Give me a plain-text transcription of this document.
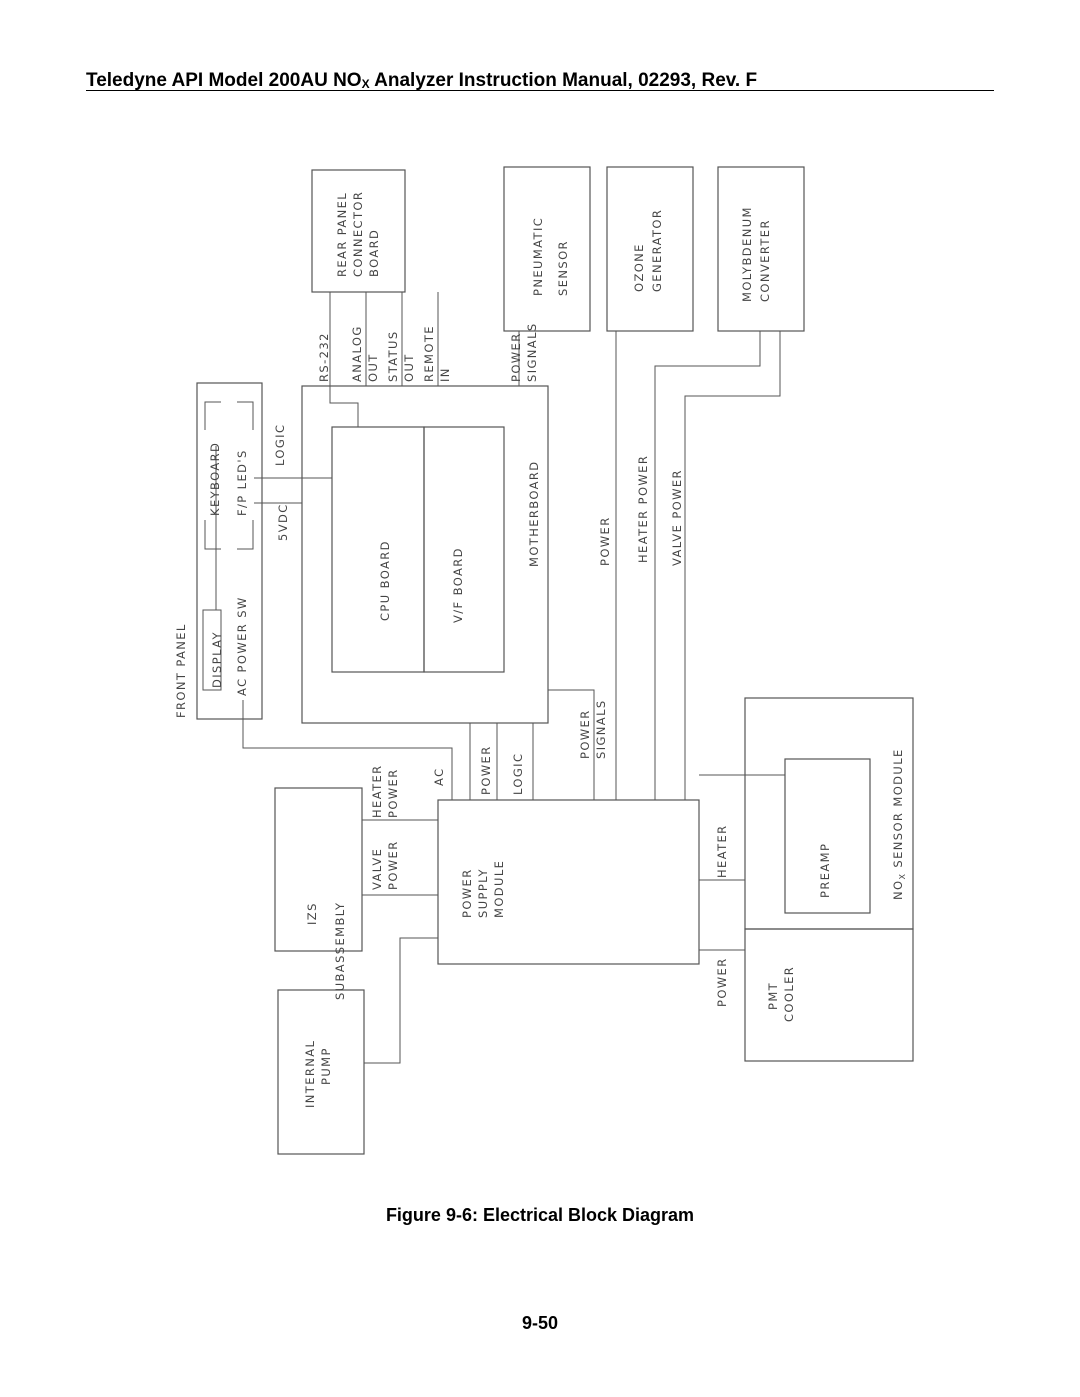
Teledyne API Model 200AU $NO_X$ Analyzer Instruction Manual, 02293, Rev. F
REAR PANEL CONNECTOR BOARD	PNEUMATIC SENSOR	OZONE GENERATOR	MOLYBDENUM CONVERTER
RS-232 ANALOG OUT STATUS OUT REMOTE IN	POWER SIGNALS
FRONT PANEL DISPLAY AC POWER SW
KEYBOARD F/P LED'S
LOGIC
5VDC
CPU BOARD	V/F BOARD
MOTHERBOARD	POWER HEATER POWER VALVE POWER
POWER SIGNALS
HEATER POWER	AC	POWER LOGIC
IZS SUBASSEMBLY
VALVE POWER
POWER SUPPLY MODULE
HEATER	PREAMP	$NO_X$ SENSOR MODULE
POWER	PMT COOLER
INTERNAL PUMP
Figure 9-6: Electrical Block Diagram
9-50
